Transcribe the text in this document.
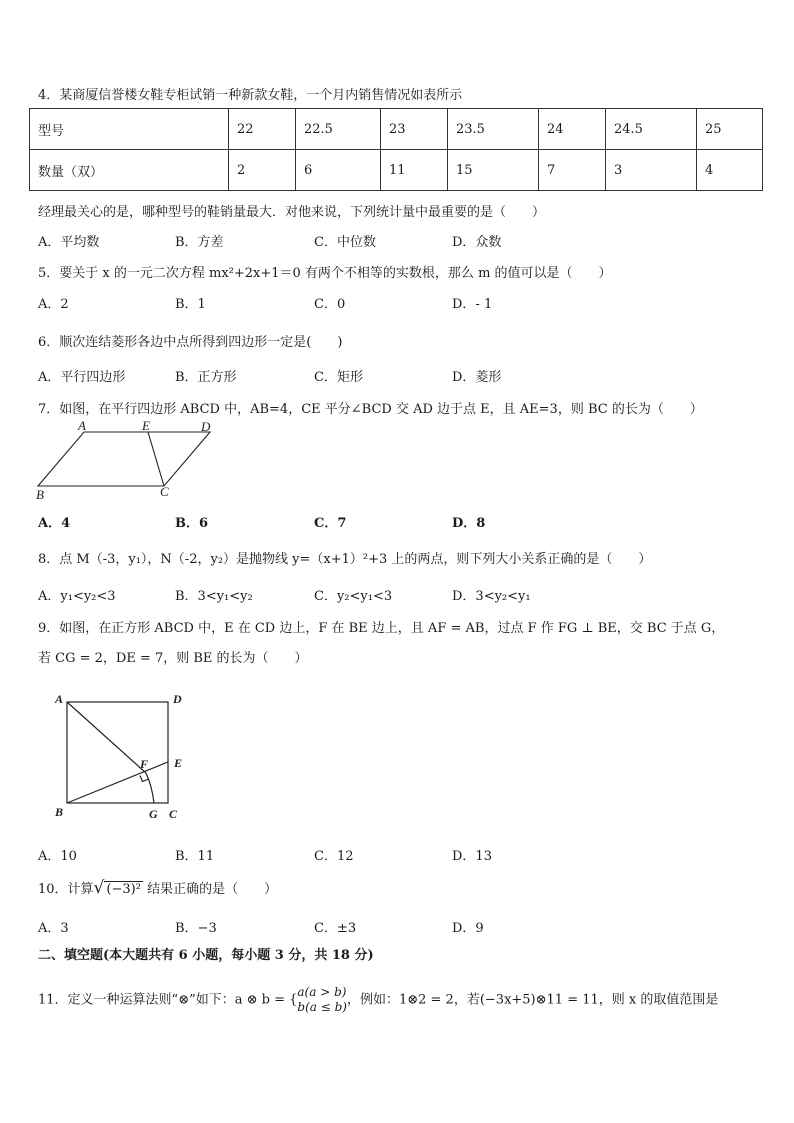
4．某商厦信誉楼女鞋专柜试销一种新款女鞋，一个月内销售情况如表所示
型号	22	22.5	23	23.5	24	24.5	25
数量（双）	2	6	11	15	7	3	4
经理最关心的是，哪种型号的鞋销量最大．对他来说，下列统计量中最重要的是（　　）
A．平均数	B．方差	C．中位数	D．众数
5．要关于 x 的一元二次方程 mx²+2x+1＝0 有两个不相等的实数根，那么 m 的值可以是（　　）
A．2	B．1	C．0	D．- 1
6．顺次连结菱形各边中点所得到四边形一定是(　　)
A．平行四边形	B．正方形	C．矩形	D．菱形
7．如图，在平行四边形 ABCD 中，AB=4，CE 平分∠BCD 交 AD 边于点 E，且 AE=3，则 BC 的长为（　　）
A	E	D
B	C
A．4	B．6	C．7	D．8
8．点 M（-3，y₁），N（-2，y₂）是抛物线 y=（x+1）²+3 上的两点，则下列大小关系正确的是（　　）
A．y₁<y₂<3	B．3<y₁<y₂	C．y₂<y₁<3	D．3<y₂<y₁
9．如图，在正方形 ABCD 中，E 在 CD 边上，F 在 BE 边上，且 AF = AB，过点 F 作 FG ⊥ BE，交 BC 于点 G，
若 CG = 2，DE = 7，则 BE 的长为（　　）
A	D
F E
B	G C
A．10	B．11	C．12	D．13
10．计算√ (−3)² 结果正确的是（　　）
A．3	B．−3	C．±3	D．9
二、填空题(本大题共有 6 小题，每小题 3 分，共 18 分)
11．定义一种运算法则“⊗”如下：a ⊗ b = {
a(a > b)
b(a ≤ b) ，例如：1⊗2 = 2，若(−3x+5)⊗11 = 11，则 x 的取值范围是
